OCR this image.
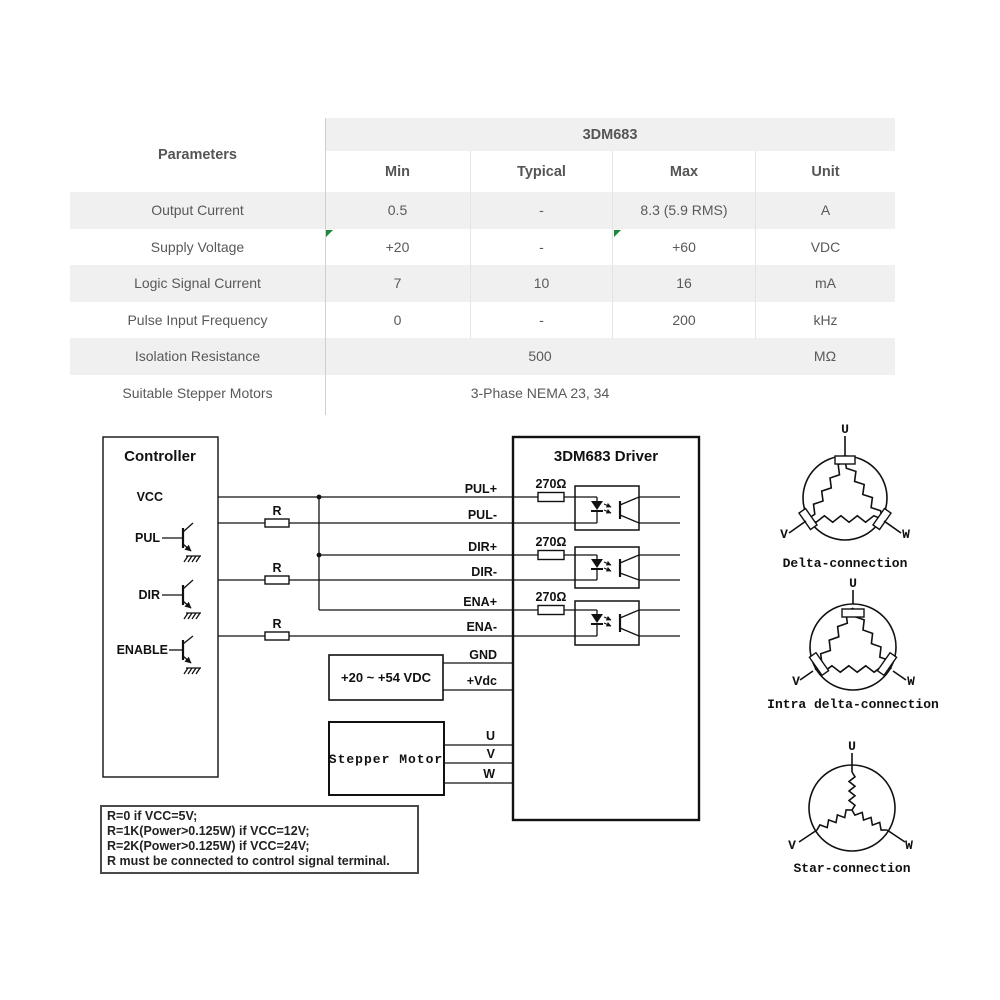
Parameters
3DM683
Min	Typical	Max	Unit
Output Current	0.5	-	8.3 (5.9 RMS)	A
Supply Voltage	+20	-	+60	VDC
Logic Signal Current	7	10	16	mA
Pulse Input Frequency	0	-	200	kHz
Isolation Resistance	500	MΩ
Suitable Stepper Motors	3-Phase NEMA 23, 34
Controller
VCC
PUL
DIR
ENABLE
R
R
R
3DM683 Driver
PUL+
PUL-
DIR+
DIR-
ENA+
ENA-
GND
+Vdc
U
V
W
270Ω
270Ω
270Ω
+20 ~ +54 VDC
Stepper Motor
U
V	W
Delta-connection
U
V	W
Intra delta-connection
U
V	W
Star-connection
R=0 if VCC=5V;
R=1K(Power>0.125W) if VCC=12V;
R=2K(Power>0.125W) if VCC=24V;
R must be connected to control signal terminal.
